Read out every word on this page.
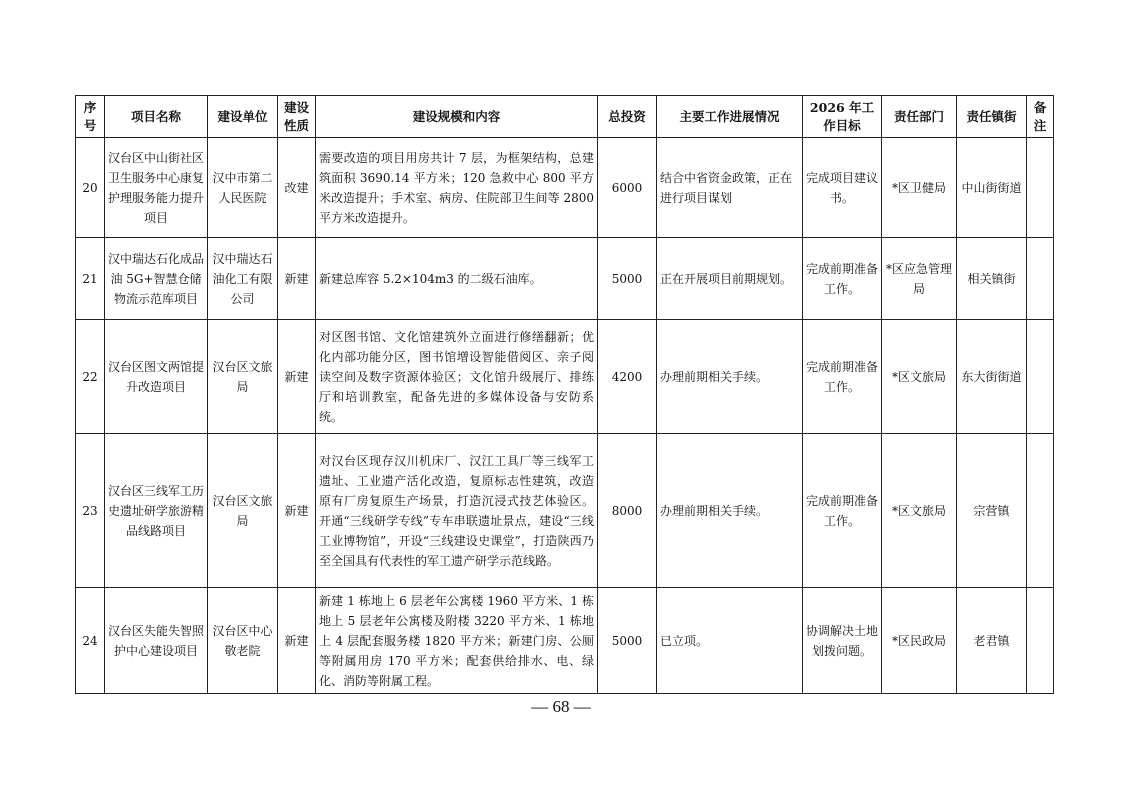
序号	项目名称	建设单位	建设性质	建设规模和内容	总投资	主要工作进展情况	2026 年工作目标	责任部门	责任镇街	备注
20	汉台区中山街社区卫生服务中心康复护理服务能力提升项目	汉中市第二人民医院	改建	需要改造的项目用房共计 7 层，为框架结构，总建筑面积 3690.14 平方米；120 急救中心 800 平方米改造提升；手术室、病房、住院部卫生间等 2800 平方米改造提升。	6000	结合中省资金政策，正在进行项目谋划	完成项目建议书。	*区卫健局	中山街街道	
21	汉中瑞达石化成品油 5G+智慧仓储物流示范库项目	汉中瑞达石油化工有限公司	新建	新建总库容 5.2×104m3 的二级石油库。	5000	正在开展项目前期规划。	完成前期准备工作。	*区应急管理局	相关镇街	
22	汉台区图文两馆提升改造项目	汉台区文旅局	新建	对区图书馆、文化馆建筑外立面进行修缮翻新；优化内部功能分区，图书馆增设智能借阅区、亲子阅读空间及数字资源体验区；文化馆升级展厅、排练厅和培训教室，配备先进的多媒体设备与安防系统。	4200	办理前期相关手续。	完成前期准备工作。	*区文旅局	东大街街道	
23	汉台区三线军工历史遗址研学旅游精品线路项目	汉台区文旅局	新建	对汉台区现存汉川机床厂、汉江工具厂等三线军工遗址、工业遗产活化改造，复原标志性建筑，改造原有厂房复原生产场景，打造沉浸式技艺体验区。开通“三线研学专线”专车串联遗址景点，建设“三线工业博物馆”，开设“三线建设史课堂”，打造陕西乃至全国具有代表性的军工遗产研学示范线路。	8000	办理前期相关手续。	完成前期准备工作。	*区文旅局	宗营镇	
24	汉台区失能失智照护中心建设项目	汉台区中心敬老院	新建	新建 1 栋地上 6 层老年公寓楼 1960 平方米、1 栋地上 5 层老年公寓楼及附楼 3220 平方米、1 栋地上 4 层配套服务楼 1820 平方米；新建门房、公厕等附属用房 170 平方米；配套供给排水、电、绿化、消防等附属工程。	5000	已立项。	协调解决土地划拨问题。	*区民政局	老君镇	
— 68 —
